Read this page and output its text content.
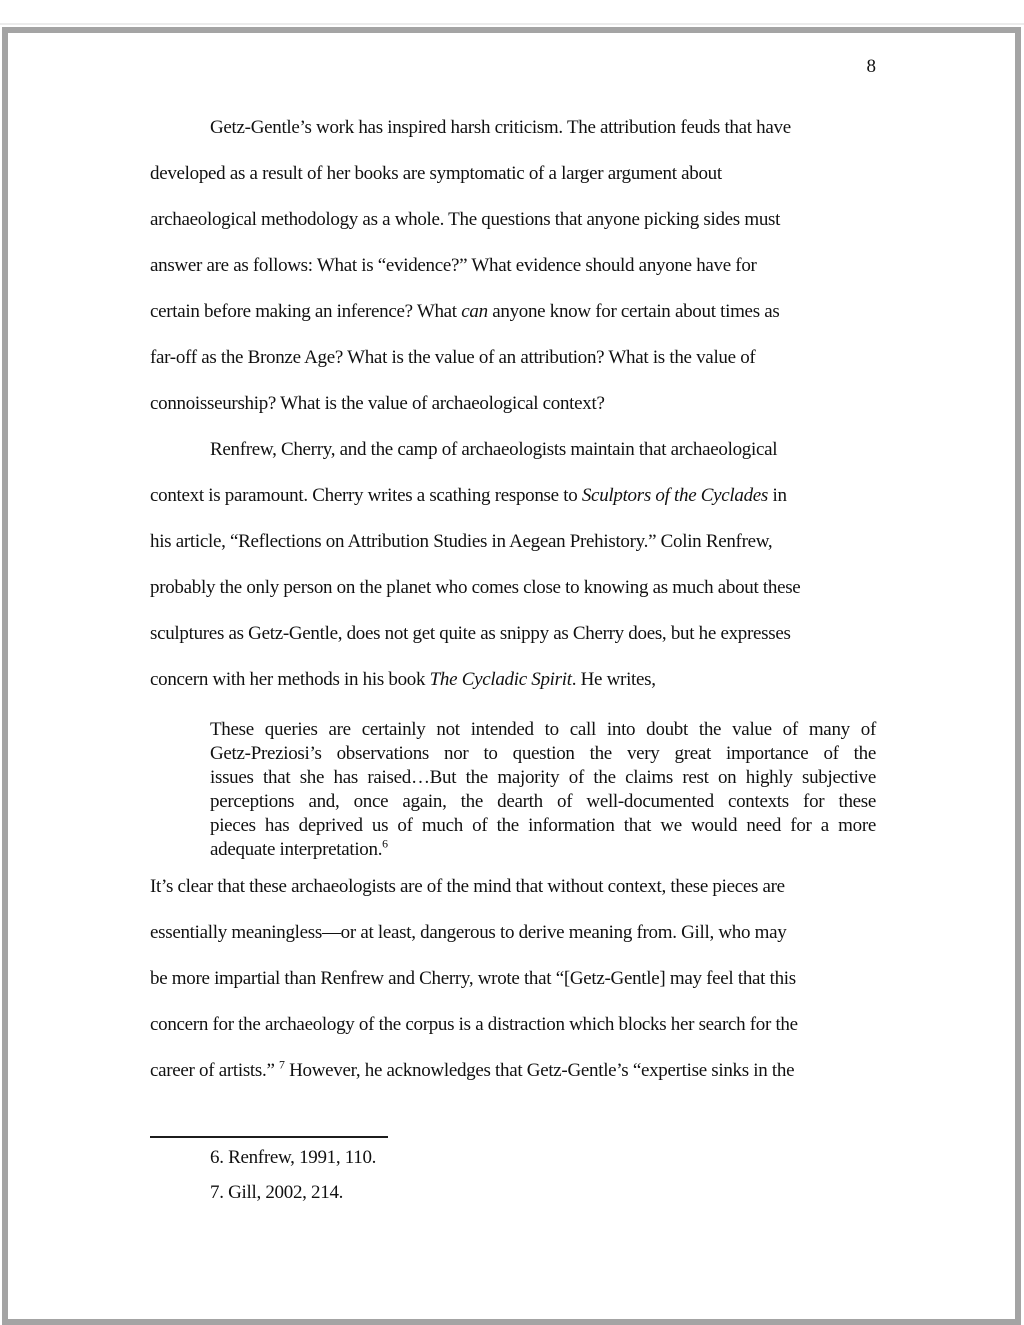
8
Getz-Gentle’s work has inspired harsh criticism. The attribution feuds that have
developed as a result of her books are symptomatic of a larger argument about
archaeological methodology as a whole. The questions that anyone picking sides must
answer are as follows: What is “evidence?” What evidence should anyone have for
certain before making an inference? What can anyone know for certain about times as
far-off as the Bronze Age? What is the value of an attribution? What is the value of
connoisseurship? What is the value of archaeological context?
Renfrew, Cherry, and the camp of archaeologists maintain that archaeological
context is paramount. Cherry writes a scathing response to Sculptors of the Cyclades in
his article, “Reflections on Attribution Studies in Aegean Prehistory.” Colin Renfrew,
probably the only person on the planet who comes close to knowing as much about these
sculptures as Getz-Gentle, does not get quite as snippy as Cherry does, but he expresses
concern with her methods in his book The Cycladic Spirit. He writes,
These queries are certainly not intended to call into doubt the value of many of
Getz-Preziosi’s observations nor to question the very great importance of the
issues that she has raised…But the majority of the claims rest on highly subjective
perceptions and, once again, the dearth of well-documented contexts for these
pieces has deprived us of much of the information that we would need for a more
adequate interpretation.$^6$
It’s clear that these archaeologists are of the mind that without context, these pieces are
essentially meaningless—or at least, dangerous to derive meaning from. Gill, who may
be more impartial than Renfrew and Cherry, wrote that “[Getz-Gentle] may feel that this
concern for the archaeology of the corpus is a distraction which blocks her search for the
career of artists.” $^7$ However, he acknowledges that Getz-Gentle’s “expertise sinks in the
6. Renfrew, 1991, 110.
7. Gill, 2002, 214.
